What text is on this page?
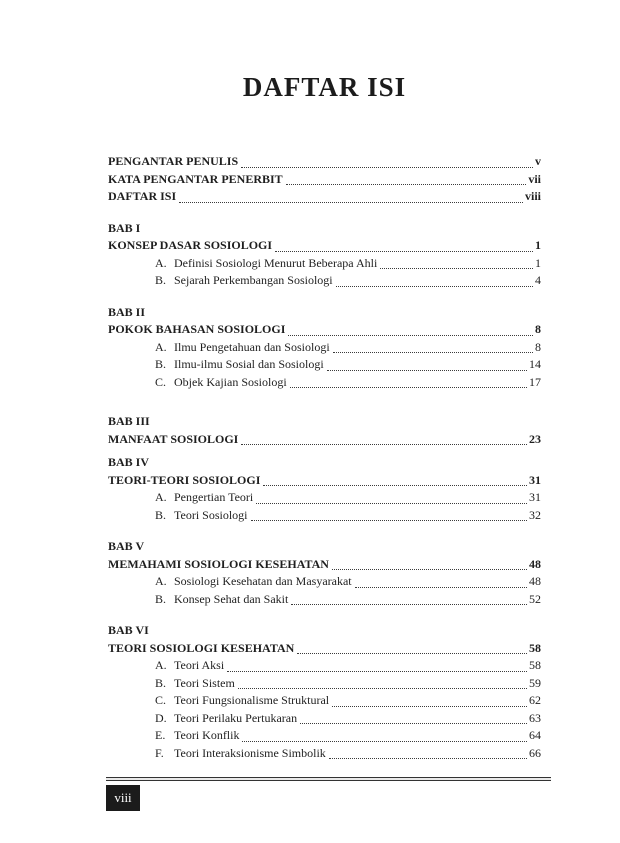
DAFTAR ISI
PENGANTAR PENULIS	v
KATA PENGANTAR PENERBIT	vii
DAFTAR ISI	viii
BAB I
KONSEP DASAR SOSIOLOGI	1
A. Definisi Sosiologi Menurut Beberapa Ahli	1
B. Sejarah Perkembangan Sosiologi	4
BAB II
POKOK BAHASAN SOSIOLOGI	8
A. Ilmu Pengetahuan dan Sosiologi	8
B. Ilmu-ilmu Sosial dan Sosiologi	14
C. Objek Kajian Sosiologi	17
BAB III
MANFAAT SOSIOLOGI	23
BAB IV
TEORI-TEORI SOSIOLOGI	31
A. Pengertian Teori	31
B. Teori Sosiologi	32
BAB V
MEMAHAMI SOSIOLOGI KESEHATAN	48
A. Sosiologi Kesehatan dan Masyarakat	48
B. Konsep Sehat dan Sakit	52
BAB VI
TEORI SOSIOLOGI KESEHATAN	58
A. Teori Aksi	58
B. Teori Sistem	59
C. Teori Fungsionalisme Struktural	62
D. Teori Perilaku Pertukaran	63
E. Teori Konflik	64
F. Teori Interaksionisme Simbolik	66
viii
